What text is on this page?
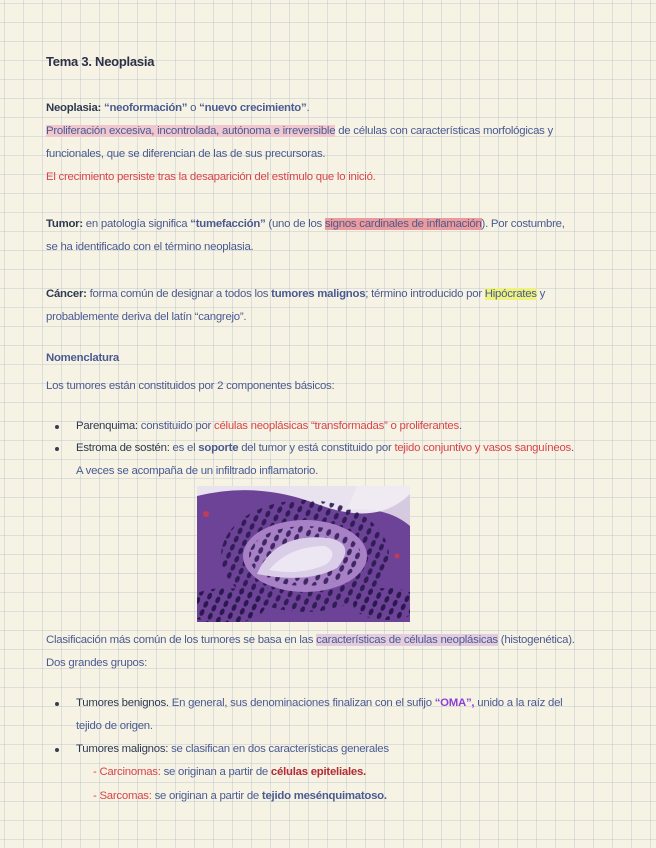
Tema 3. Neoplasia
Neoplasia: “neoformación” o “nuevo crecimiento”.
Proliferación excesiva, incontrolada, autónoma e irreversible de células con características morfológicas y
funcionales, que se diferencian de las de sus precursoras.
El crecimiento persiste tras la desaparición del estímulo que lo inició.
Tumor: en patología significa “tumefacción” (uno de los signos cardinales de inflamación). Por costumbre,
se ha identificado con el término neoplasia.
Cáncer: forma común de designar a todos los tumores malignos; término introducido por Hipócrates y
probablemente deriva del latín “cangrejo”.
Nomenclatura
Los tumores están constituidos por 2 componentes básicos:
Parenquima: constituido por células neoplásicas “transformadas” o proliferantes.
Estroma de sostén: es el soporte del tumor y está constituido por tejido conjuntivo y vasos sanguíneos.
A veces se acompaña de un infiltrado inflamatorio.
Clasificación más común de los tumores se basa en las características de células neoplásicas (histogenética).
Dos grandes grupos:
Tumores benignos. En general, sus denominaciones finalizan con el sufijo “OMA”, unido a la raíz del
tejido de origen.
Tumores malignos: se clasifican en dos características generales
- Carcinomas: se originan a partir de células epiteliales.
- Sarcomas: se originan a partir de tejido mesénquimatoso.
